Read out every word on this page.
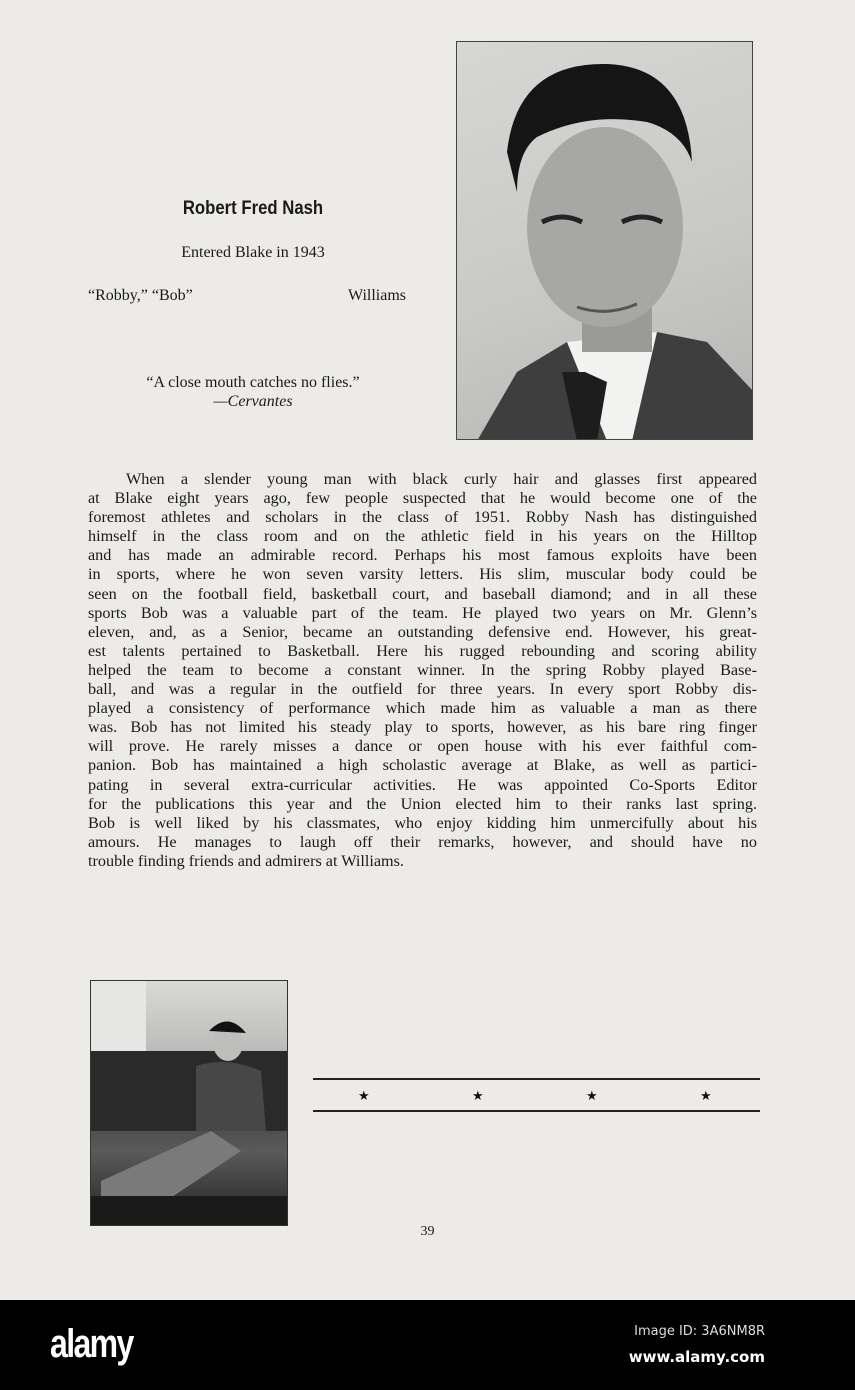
Robert Fred Nash
Entered Blake in 1943
“Robby,” “Bob”	Williams
“A close mouth catches no flies.”
—Cervantes
When a slender young man with black curly hair and glasses first appeared
at Blake eight years ago, few people suspected that he would become one of the
foremost athletes and scholars in the class of 1951. Robby Nash has distinguished
himself in the class room and on the athletic field in his years on the Hilltop
and has made an admirable record. Perhaps his most famous exploits have been
in sports, where he won seven varsity letters. His slim, muscular body could be
seen on the football field, basketball court, and baseball diamond; and in all these
sports Bob was a valuable part of the team. He played two years on Mr. Glenn’s
eleven, and, as a Senior, became an outstanding defensive end. However, his great-
est talents pertained to Basketball. Here his rugged rebounding and scoring ability
helped the team to become a constant winner. In the spring Robby played Base-
ball, and was a regular in the outfield for three years. In every sport Robby dis-
played a consistency of performance which made him as valuable a man as there
was. Bob has not limited his steady play to sports, however, as his bare ring finger
will prove. He rarely misses a dance or open house with his ever faithful com-
panion. Bob has maintained a high scholastic average at Blake, as well as partici-
pating in several extra-curricular activities. He was appointed Co-Sports Editor
for the publications this year and the Union elected him to their ranks last spring.
Bob is well liked by his classmates, who enjoy kidding him unmercifully about his
amours. He manages to laugh off their remarks, however, and should have no
trouble finding friends and admirers at Williams.
★	★	★	★
39
alamy	Image ID: 3A6NM8R
www.alamy.com
